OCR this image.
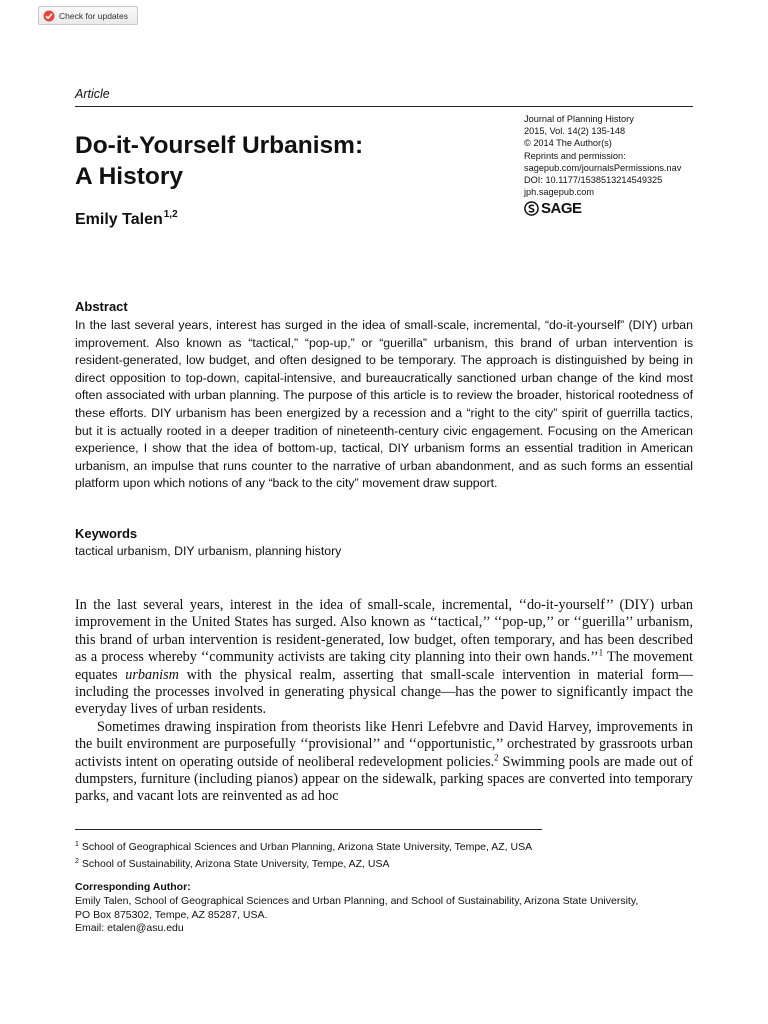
Check for updates
Article
Journal of Planning History
2015, Vol. 14(2) 135-148
© 2014 The Author(s)
Reprints and permission:
sagepub.com/journalsPermissions.nav
DOI: 10.1177/1538513214549325
jph.sagepub.com
SAGE
Do-it-Yourself Urbanism:
A History
Emily Talen$^{1,2}$
Abstract

In the last several years, interest has surged in the idea of small-scale, incremental, “do-it-yourself” (DIY) urban improvement. Also known as “tactical,” “pop-up,” or “guerilla” urbanism, this brand of urban intervention is resident-generated, low budget, and often designed to be temporary. The approach is distinguished by being in direct opposition to top-down, capital-intensive, and bureaucratically sanctioned urban change of the kind most often associated with urban planning. The purpose of this article is to review the broader, historical rootedness of these efforts. DIY urbanism has been energized by a recession and a “right to the city” spirit of guerrilla tactics, but it is actually rooted in a deeper tradition of nineteenth-century civic engagement. Focusing on the American experience, I show that the idea of bottom-up, tactical, DIY urbanism forms an essential tradition in American urbanism, an impulse that runs counter to the narrative of urban abandonment, and as such forms an essential platform upon which notions of any “back to the city” movement draw support.

Keywords
tactical urbanism, DIY urbanism, planning history

In the last several years, interest in the idea of small-scale, incremental, ‘‘do-it-yourself’’ (DIY) urban improvement in the United States has surged. Also known as ‘‘tactical,’’ ‘‘pop-up,’’ or ‘‘guerilla’’ urbanism, this brand of urban intervention is resident-generated, low budget, often temporary, and has been described as a process whereby ‘‘community activists are taking city planning into their own hands.’’$^1$ The movement equates urbanism with the physical realm, asserting that small-scale intervention in material form—including the processes involved in generating physical change—has the power to significantly impact the everyday lives of urban residents.

Sometimes drawing inspiration from theorists like Henri Lefebvre and David Harvey, improvements in the built environment are purposefully ‘‘provisional’’ and ‘‘opportunistic,’’ orchestrated by grassroots urban activists intent on operating outside of neoliberal redevelopment policies.$^2$ Swimming pools are made out of dumpsters, furniture (including pianos) appear on the sidewalk, parking spaces are converted into temporary parks, and vacant lots are reinvented as ad hoc

$^1$ School of Geographical Sciences and Urban Planning, Arizona State University, Tempe, AZ, USA
$^2$ School of Sustainability, Arizona State University, Tempe, AZ, USA
Corresponding Author:
Emily Talen, School of Geographical Sciences and Urban Planning, and School of Sustainability, Arizona State University,
PO Box 875302, Tempe, AZ 85287, USA.
Email: etalen@asu.edu
